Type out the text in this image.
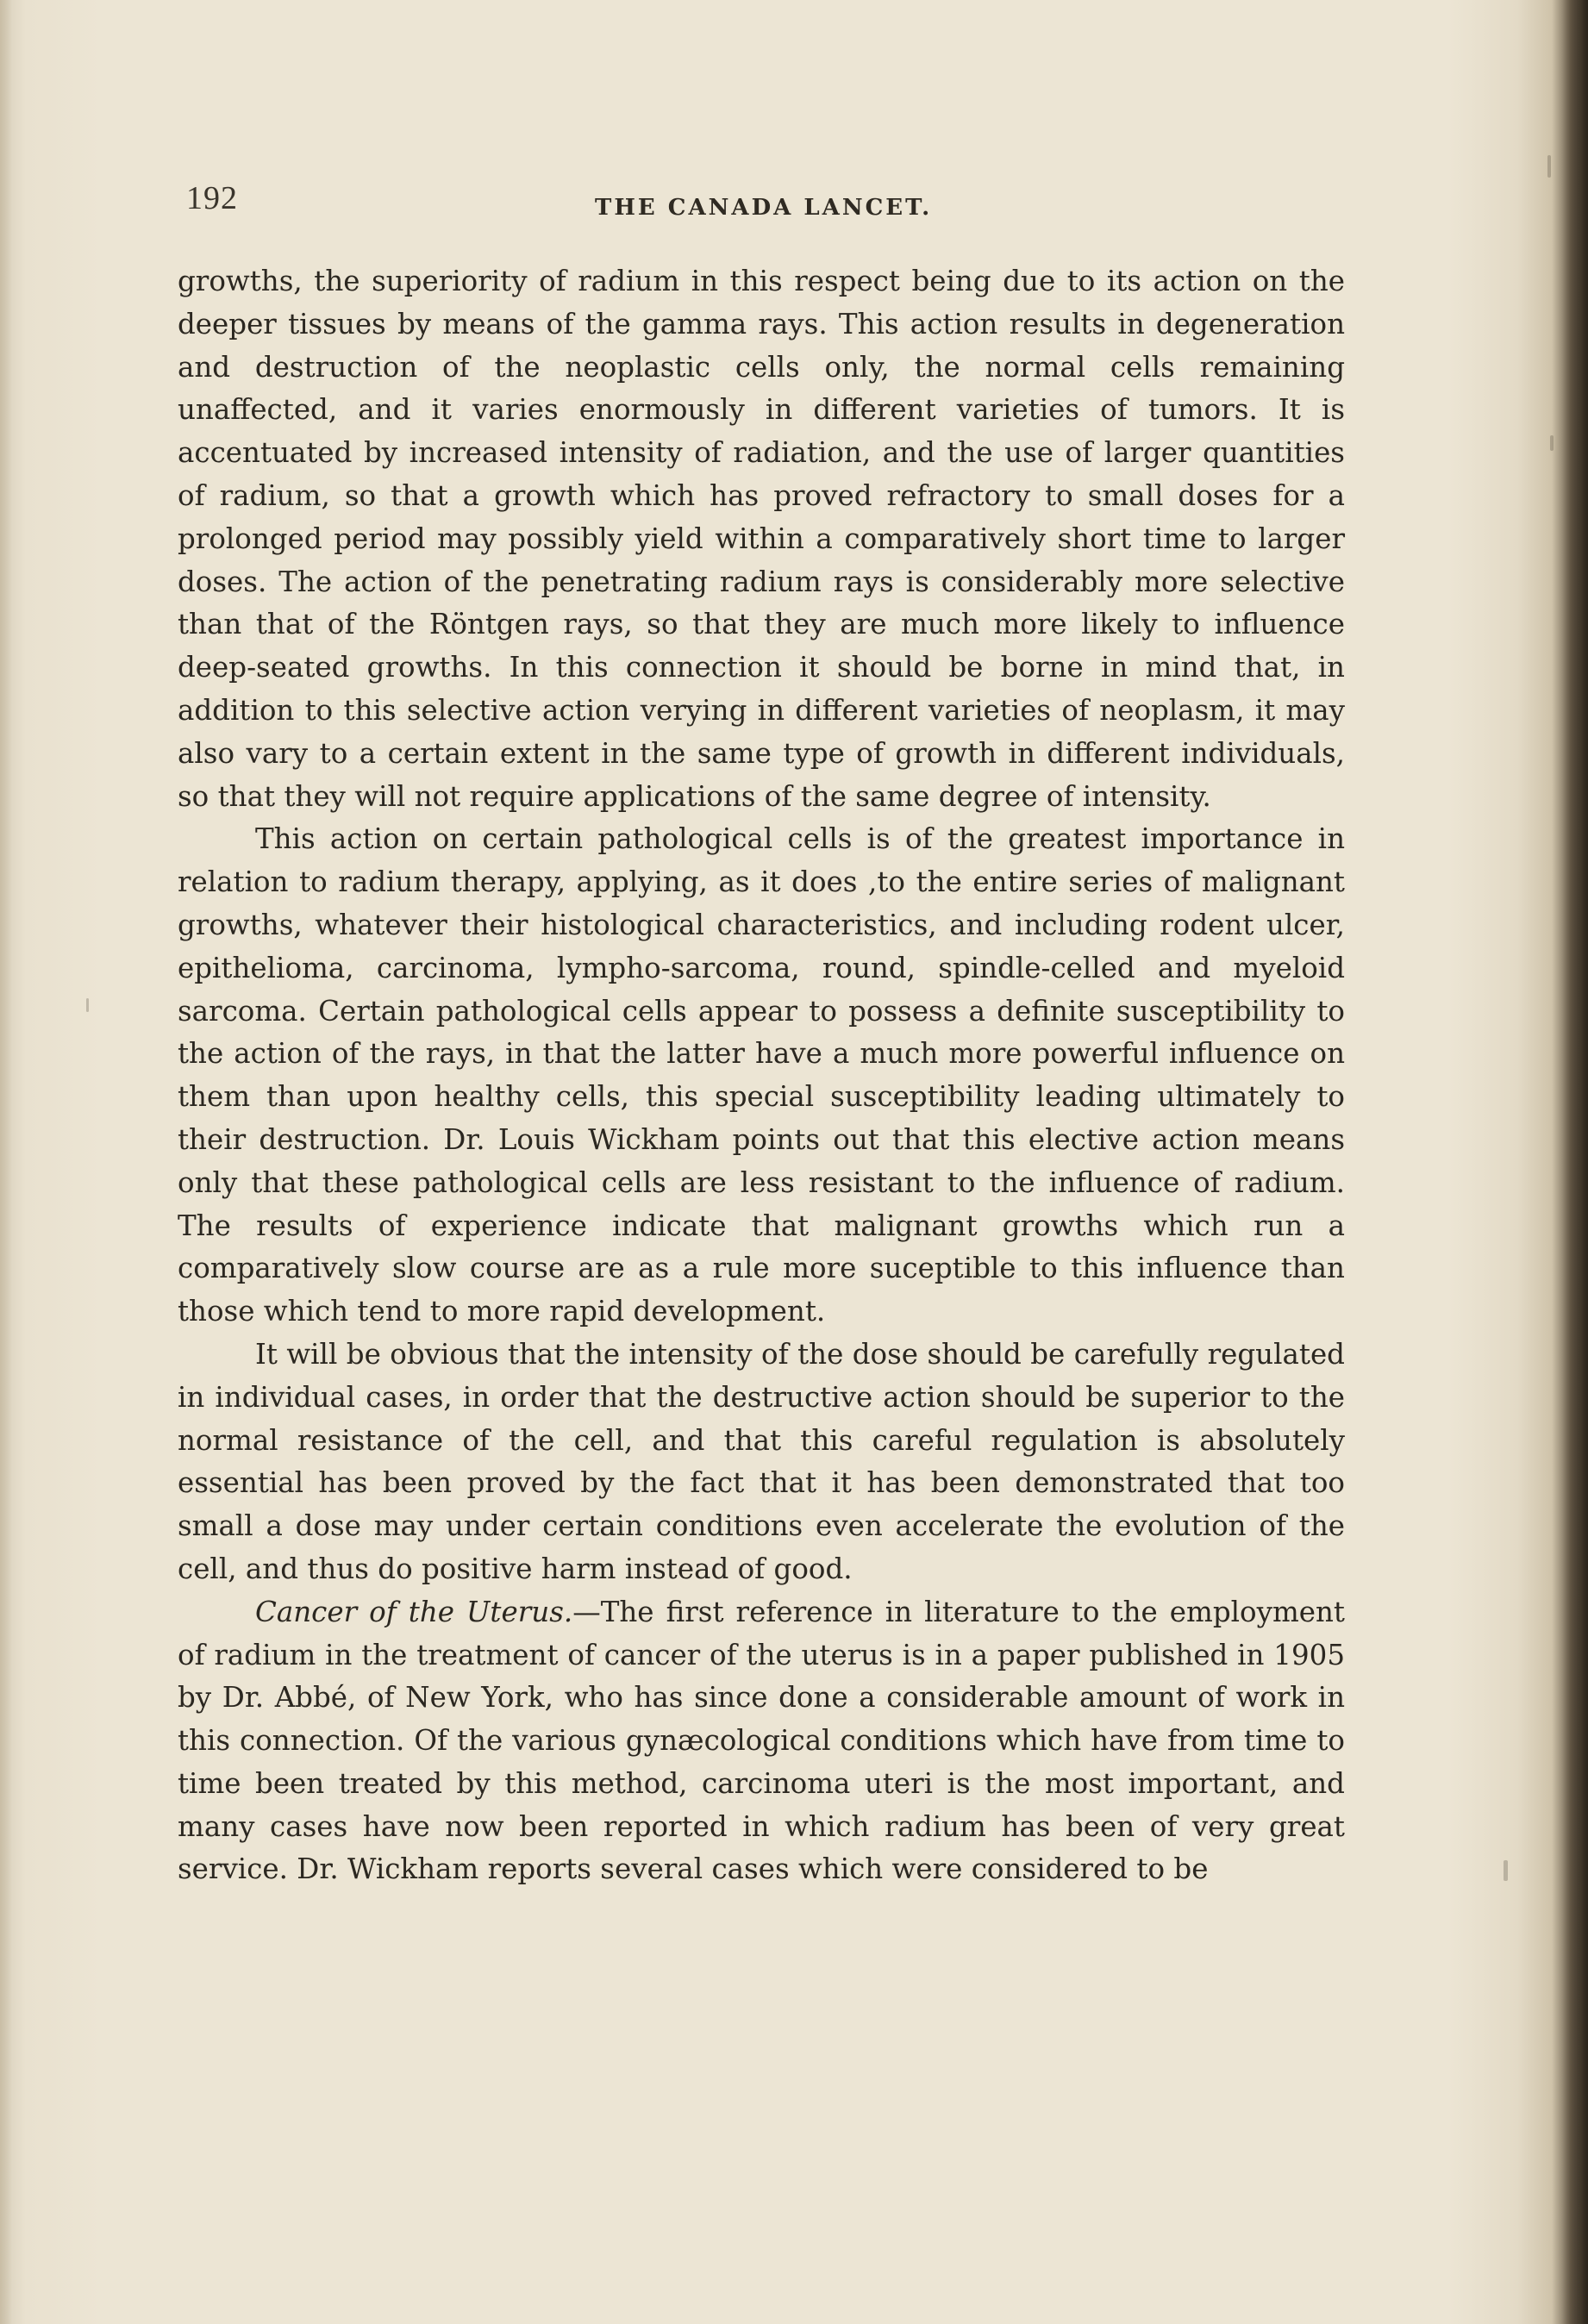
192	THE CANADA LANCET.

growths, the superiority of radium in this respect being due to its action on the deeper tissues by means of the gamma rays. This action results in degeneration and destruction of the neoplastic cells only, the normal cells remaining unaffected, and it varies enormously in different varieties of tumors. It is accentuated by increased intensity of radiation, and the use of larger quantities of radium, so that a growth which has proved refractory to small doses for a prolonged period may possibly yield within a comparatively short time to larger doses. The action of the penetrating radium rays is considerably more selective than that of the Röntgen rays, so that they are much more likely to influence deep-seated growths. In this connection it should be borne in mind that, in addition to this selective action verying in different varieties of neoplasm, it may also vary to a certain extent in the same type of growth in different individuals, so that they will not require applications of the same degree of intensity.

This action on certain pathological cells is of the greatest importance in relation to radium therapy, applying, as it does ,to the entire series of malignant growths, whatever their histological characteristics, and including rodent ulcer, epithelioma, carcinoma, lympho-sarcoma, round, spindle-celled and myeloid sarcoma. Certain pathological cells appear to possess a definite susceptibility to the action of the rays, in that the latter have a much more powerful influence on them than upon healthy cells, this special susceptibility leading ultimately to their destruction. Dr. Louis Wickham points out that this elective action means only that these pathological cells are less resistant to the influence of radium. The results of experience indicate that malignant growths which run a comparatively slow course are as a rule more suceptible to this influence than those which tend to more rapid development.

It will be obvious that the intensity of the dose should be carefully regulated in individual cases, in order that the destructive action should be superior to the normal resistance of the cell, and that this careful regulation is absolutely essential has been proved by the fact that it has been demonstrated that too small a dose may under certain conditions even accelerate the evolution of the cell, and thus do positive harm instead of good.

Cancer of the Uterus.—The first reference in literature to the employment of radium in the treatment of cancer of the uterus is in a paper published in 1905 by Dr. Abbé, of New York, who has since done a considerable amount of work in this connection. Of the various gynæcological conditions which have from time to time been treated by this method, carcinoma uteri is the most important, and many cases have now been reported in which radium has been of very great service. Dr. Wickham reports several cases which were considered to be
